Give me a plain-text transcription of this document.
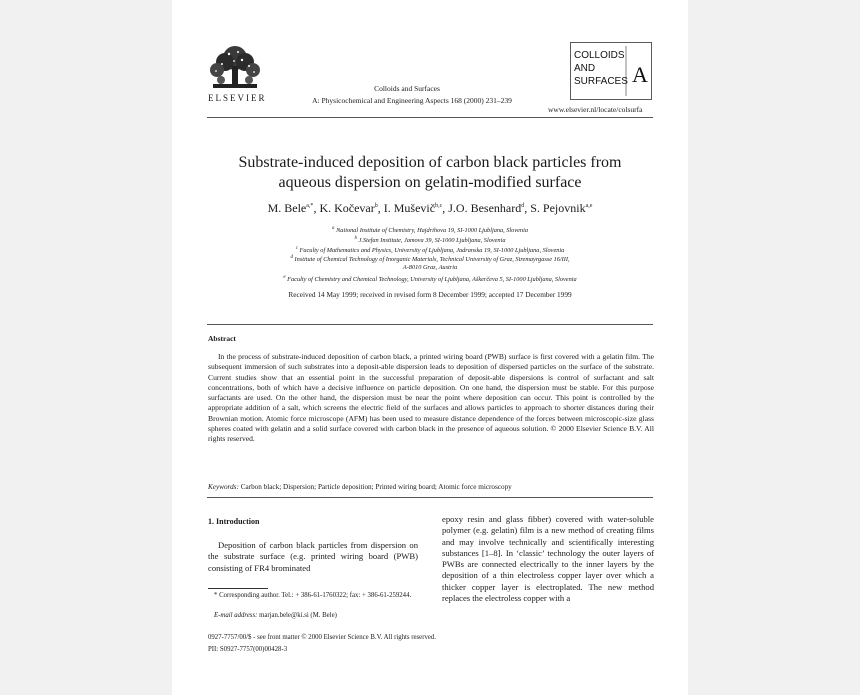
ELSEVIER
Colloids and Surfaces
A: Physicochemical and Engineering Aspects 168 (2000) 231–239
COLLOIDS
AND
SURFACES A
www.elsevier.nl/locate/colsurfa
Substrate-induced deposition of carbon black particles from
aqueous dispersion on gelatin-modified surface
M. Bele$^{a,*}$, K. Kočevar$^b$, I. Muševič$^{b,c}$, J.O. Besenhard$^d$, S. Pejovnik$^{a,e}$
$^a$ National Institute of Chemistry, Hajdrihova 19, SI-1000 Ljubljana, Slovenia
$^b$ J.Stefan Institute, Jamova 39, SI-1000 Ljubljana, Slovenia
$^c$ Faculty of Mathematics and Physics, University of Ljubljana, Jadranska 19, SI-1000 Ljubljana, Slovenia
$^d$ Institute of Chemical Technology of Inorganic Materials, Technical University of Graz, Stremayrgasse 16/III,
A-8010 Graz, Austria
$^e$ Faculty of Chemistry and Chemical Technology, University of Ljubljana, Aškerčeva 5, SI-1000 Ljubljana, Slovenia
Received 14 May 1999; received in revised form 8 December 1999; accepted 17 December 1999
Abstract
In the process of substrate-induced deposition of carbon black, a printed wiring board (PWB) surface is first covered with a gelatin film. The subsequent immersion of such substrates into a deposit-able dispersion leads to deposition of dispersed particles on the surface of the substrate. Current studies show that an essential point in the successful preparation of deposit-able dispersions is control of surfactant and salt concentrations, both of which have a decisive influence on particle deposition. On one hand, the dispersion must be stable. For this purpose surfactants are used. On the other hand, the dispersion must be near the point where deposition can occur. This point is controlled by the appropriate addition of a salt, which screens the electric field of the surfaces and allows particles to approach to shorter distances during their Brownian motion. Atomic force microscope (AFM) has been used to measure distance dependence of the forces between microscopic-size glass spheres coated with gelatin and a solid surface covered with carbon black in the presence of aqueous solution. © 2000 Elsevier Science B.V. All rights reserved.
Keywords: Carbon black; Dispersion; Particle deposition; Printed wiring board; Atomic force microscopy
1. Introduction
Deposition of carbon black particles from dispersion on the substrate surface (e.g. printed wiring board (PWB) consisting of FR4 brominated
epoxy resin and glass fibber) covered with water-soluble polymer (e.g. gelatin) film is a new method of creating films and may involve technically and scientifically interesting substances [1–8]. In ‘classic’ technology the outer layers of PWBs are connected electrically to the inner layers by the deposition of a thin electroless copper layer over which a thicker copper layer is electroplated. The new method replaces the electroless copper with a
* Corresponding author. Tel.: + 386-61-1760322; fax: + 386-61-259244.
E-mail address: marjan.bele@ki.si (M. Bele)
0927-7757/00/$ - see front matter © 2000 Elsevier Science B.V. All rights reserved.
PII: S0927-7757(00)00428-3
